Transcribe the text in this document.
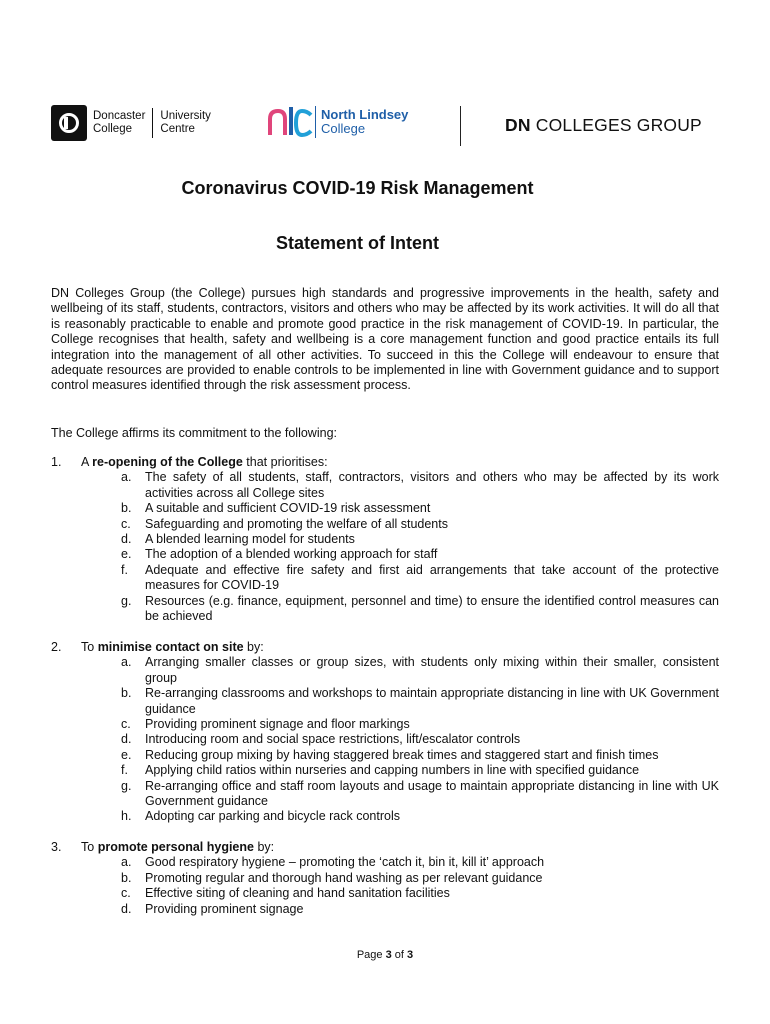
Doncaster
College
University
Centre
North Lindsey
College	DN COLLEGES GROUP
Coronavirus COVID-19 Risk Management
Statement of Intent
DN Colleges Group (the College) pursues high standards and progressive improvements in the health, safety and wellbeing of its staff, students, contractors, visitors and others who may be affected by its work activities. It will do all that is reasonably practicable to enable and promote good practice in the risk management of COVID-19. In particular, the College recognises that health, safety and wellbeing is a core management function and good practice entails its full integration into the management of all other activities. To succeed in this the College will endeavour to ensure that adequate resources are provided to enable controls to be implemented in line with Government guidance and to support control measures identified through the risk assessment process.
The College affirms its commitment to the following:
1. A re-opening of the College that prioritises:
a.	The safety of all students, staff, contractors, visitors and others who may be affected by its work activities across all College sites
b.	A suitable and sufficient COVID-19 risk assessment
c.	Safeguarding and promoting the welfare of all students
d.	A blended learning model for students
e.	The adoption of a blended working approach for staff
f.	Adequate and effective fire safety and first aid arrangements that take account of the protective measures for COVID-19
g.	Resources (e.g. finance, equipment, personnel and time) to ensure the identified control measures can be achieved
2. To minimise contact on site by:
a.	Arranging smaller classes or group sizes, with students only mixing within their smaller, consistent group
b.	Re-arranging classrooms and workshops to maintain appropriate distancing in line with UK Government guidance
c.	Providing prominent signage and floor markings
d.	Introducing room and social space restrictions, lift/escalator controls
e.	Reducing group mixing by having staggered break times and staggered start and finish times
f.	Applying child ratios within nurseries and capping numbers in line with specified guidance
g.	Re-arranging office and staff room layouts and usage to maintain appropriate distancing in line with UK Government guidance
h.	Adopting car parking and bicycle rack controls
3. To promote personal hygiene by:
a.	Good respiratory hygiene – promoting the ‘catch it, bin it, kill it’ approach
b.	Promoting regular and thorough hand washing as per relevant guidance
c.	Effective siting of cleaning and hand sanitation facilities
d.	Providing prominent signage
Page 3 of 3
